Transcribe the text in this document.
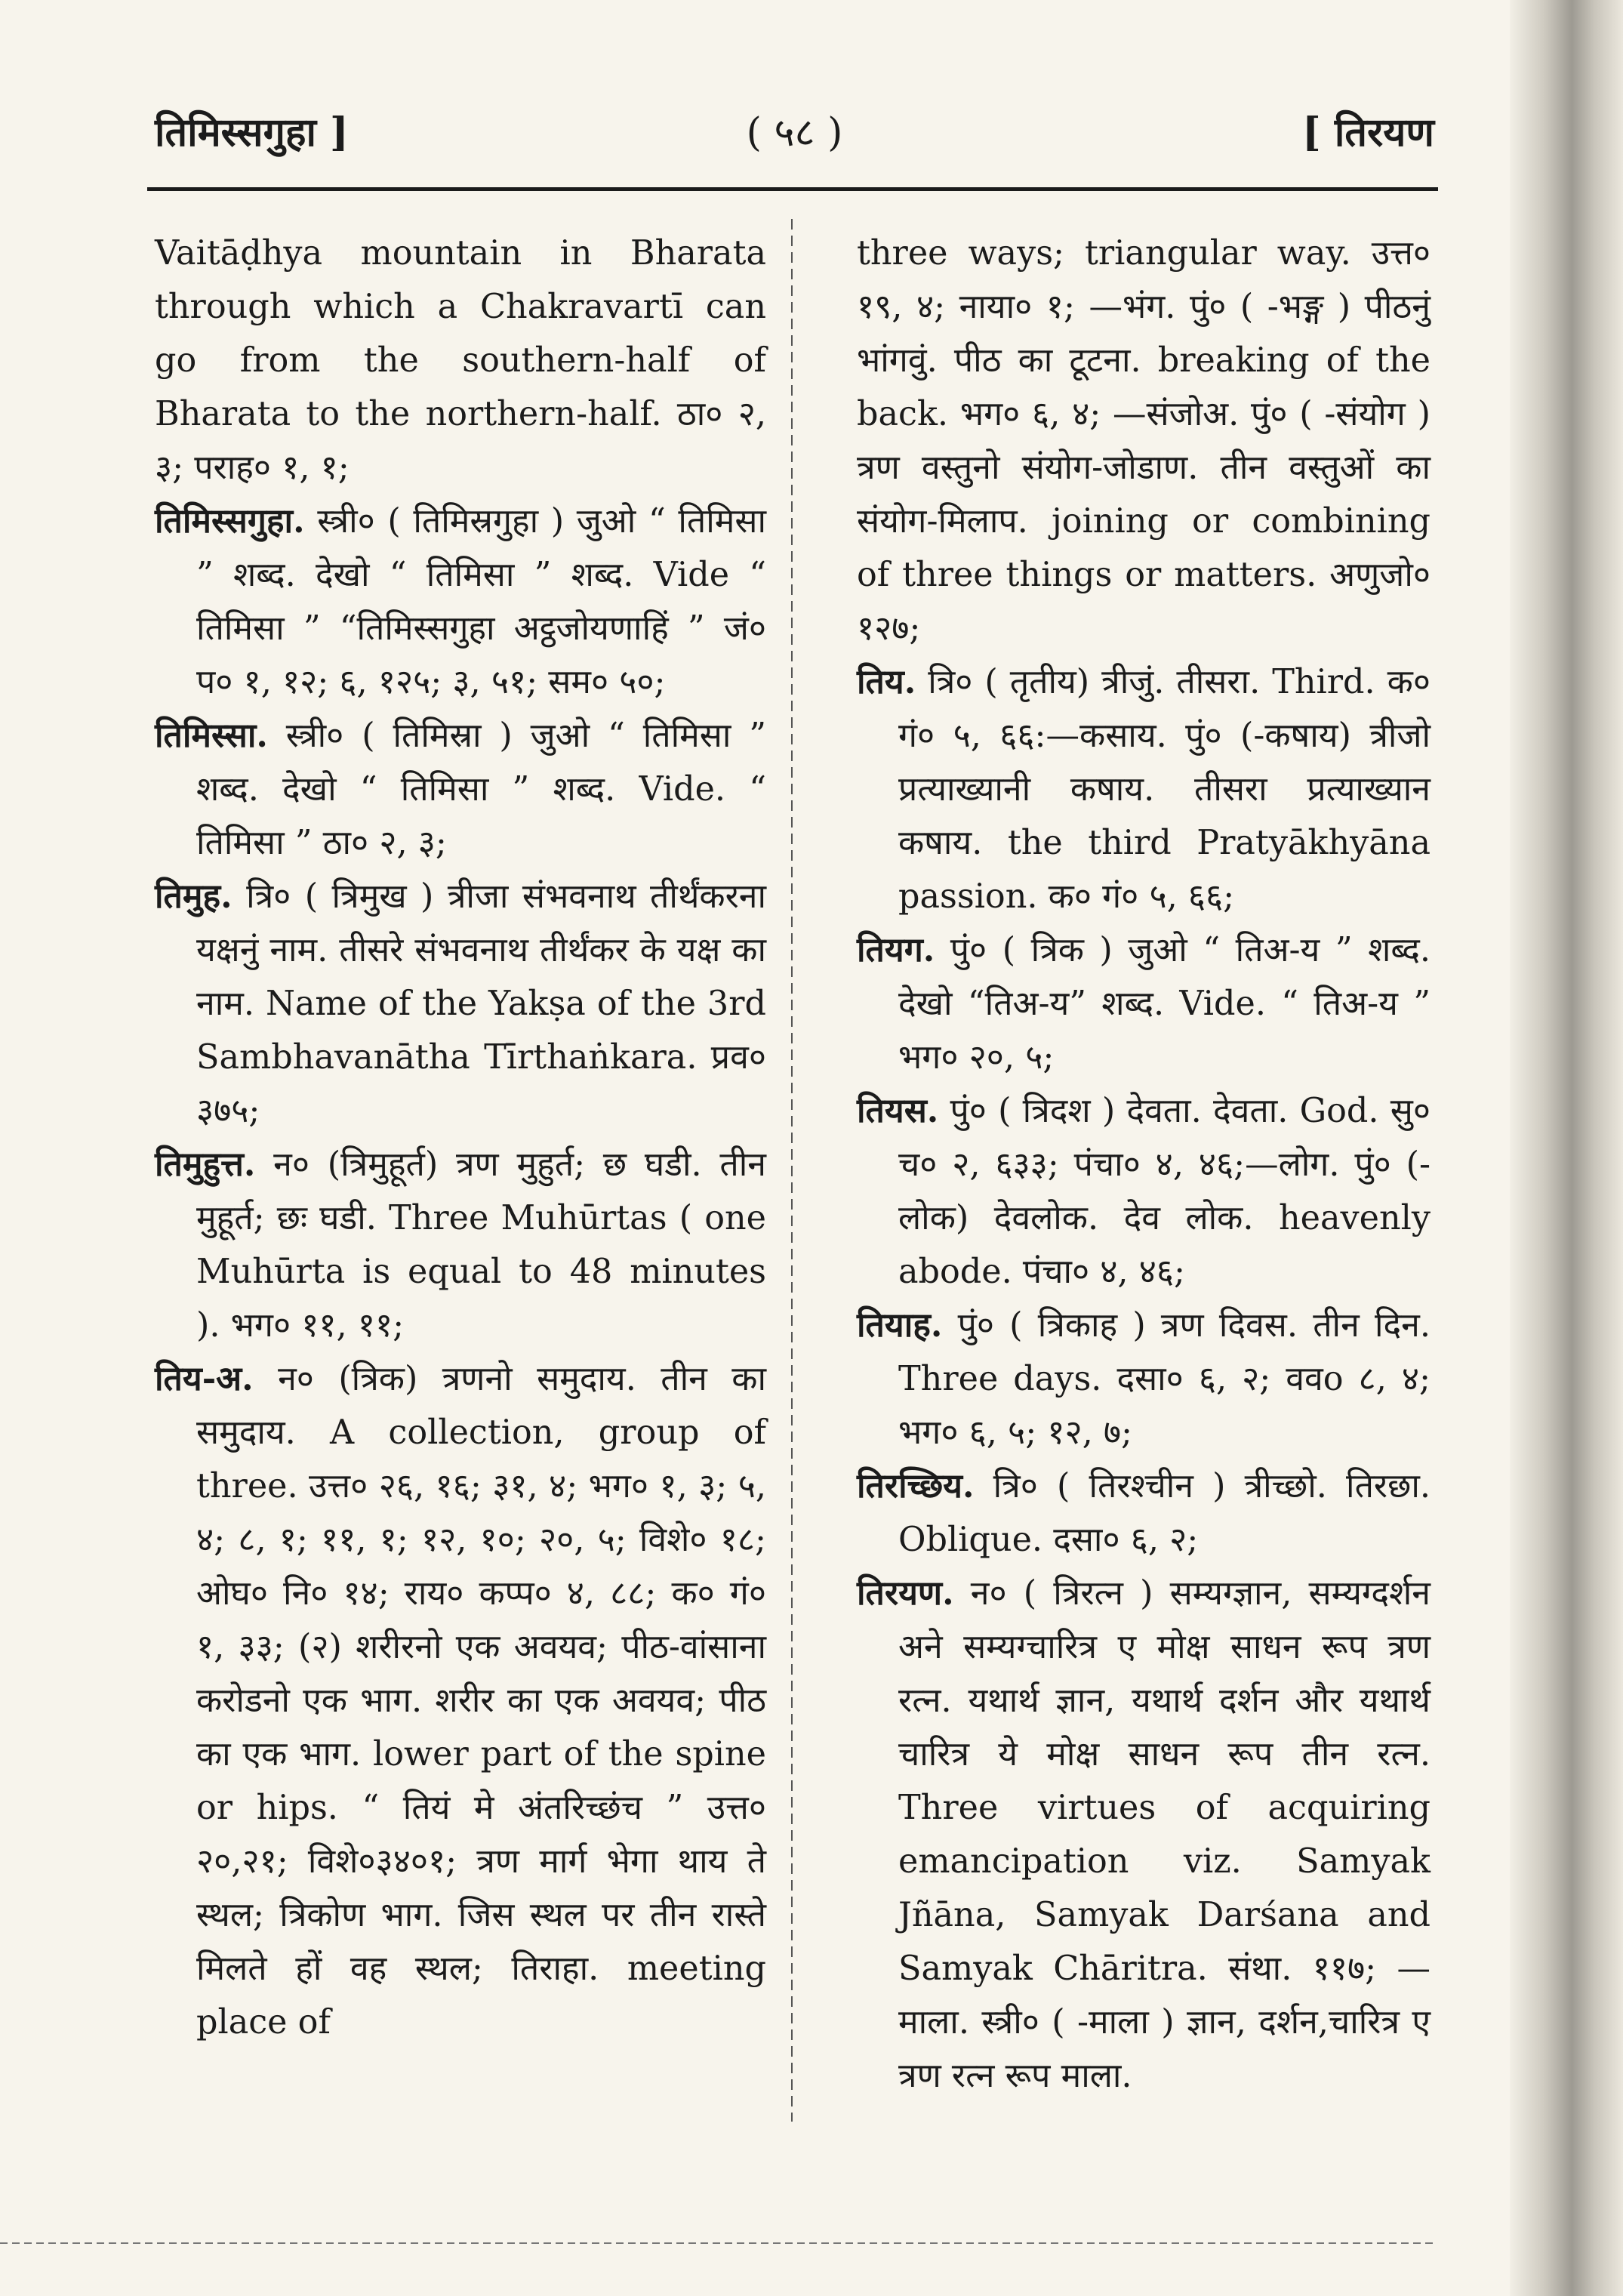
तिमिस्सगुहा ]	( ५८ )	[ तिरयण

Vaitāḍhya mountain in Bharata through which a Chakravartī can go from the southern-half of Bharata to the northern-half. ठा० २, ३; पराह० १, १;

तिमिस्सगुहा. स्त्री० ( तिमिस्रगुहा ) जुओ “ तिमिसा ” शब्द. देखो “ तिमिसा ” शब्द. Vide “ तिमिसा ” “तिमिस्सगुहा अट्ठजोयणाहिं ” जं० प० १, १२; ६, १२५; ३, ५१; सम० ५०;

तिमिस्सा. स्त्री० ( तिमिस्रा ) जुओ “ तिमिसा ” शब्द. देखो “ तिमिसा ” शब्द. Vide. “ तिमिसा ” ठा० २, ३;

तिमुह. त्रि० ( त्रिमुख ) त्रीजा संभवनाथ तीर्थंकरना यक्षनुं नाम. तीसरे संभवनाथ तीर्थंकर के यक्ष का नाम. Name of the Yakṣa of the 3rd Sambhavanātha Tīrthaṅkara. प्रव० ३७५;

तिमुहुत्त. न० (त्रिमुहूर्त) त्रण मुहुर्त; छ घडी. तीन मुहूर्त; छः घडी. Three Muhūrtas ( one Muhūrta is equal to 48 minutes ). भग० ११, ११;

तिय-अ. न० (त्रिक) त्रणनो समुदाय. तीन का समुदाय. A collection, group of three. उत्त० २६, १६; ३१, ४; भग० १, ३; ५, ४; ८, १; ११, १; १२, १०; २०, ५; विशे० १८; ओघ० नि० १४; राय० कप्प० ४, ८८; क० गं० १, ३३; (२) शरीरनो एक अवयव; पीठ-वांसाना करोडनो एक भाग. शरीर का एक अवयव; पीठ का एक भाग. lower part of the spine or hips. “ तियं मे अंतरिच्छंच ” उत्त० २०,२१; विशे०३४०१; त्रण मार्ग भेगा थाय ते स्थल; त्रिकोण भाग. जिस स्थल पर तीन रास्ते मिलते हों वह स्थल; तिराहा. meeting place of

three ways; triangular way. उत्त० १९, ४; नाया० १; —भंग. पुं० ( -भङ्ग ) पीठनुं भांगवुं. पीठ का टूटना. breaking of the back. भग० ६, ४; —संजोअ. पुं० ( -संयोग ) त्रण वस्तुनो संयोग-जोडाण. तीन वस्तुओं का संयोग-मिलाप. joining or combining of three things or matters. अणुजो० १२७;

तिय. त्रि० ( तृतीय) त्रीजुं. तीसरा. Third. क० गं० ५, ६६:—कसाय. पुं० (-कषाय) त्रीजो प्रत्याख्यानी कषाय. तीसरा प्रत्याख्यान कषाय. the third Pratyākhyāna passion. क० गं० ५, ६६;

तियग. पुं० ( त्रिक ) जुओ “ तिअ-य ” शब्द. देखो “तिअ-य” शब्द. Vide. “ तिअ-य ” भग० २०, ५;

तियस. पुं० ( त्रिदश ) देवता. देवता. God. सु० च० २, ६३३; पंचा० ४, ४६;—लोग. पुं० (-लोक) देवलोक. देव लोक. heavenly abode. पंचा० ४, ४६;

तियाह. पुं० ( त्रिकाह ) त्रण दिवस. तीन दिन. Three days. दसा० ६, २; ववo ८, ४; भग० ६, ५; १२, ७;

तिरच्छिय. त्रि० ( तिरश्चीन ) त्रीच्छो. तिरछा. Oblique. दसा० ६, २;

तिरयण. न० ( त्रिरत्न ) सम्यग्ज्ञान, सम्यग्दर्शन अने सम्यग्चारित्र ए मोक्ष साधन रूप त्रण रत्न. यथार्थ ज्ञान, यथार्थ दर्शन और यथार्थ चारित्र ये मोक्ष साधन रूप तीन रत्न. Three virtues of acquiring emancipation viz. Samyak Jñāna, Samyak Darśana and Samyak Chāritra. संथा. ११७; —माला. स्त्री० ( -माला ) ज्ञान, दर्शन,चारित्र ए त्रण रत्न रूप माला.
